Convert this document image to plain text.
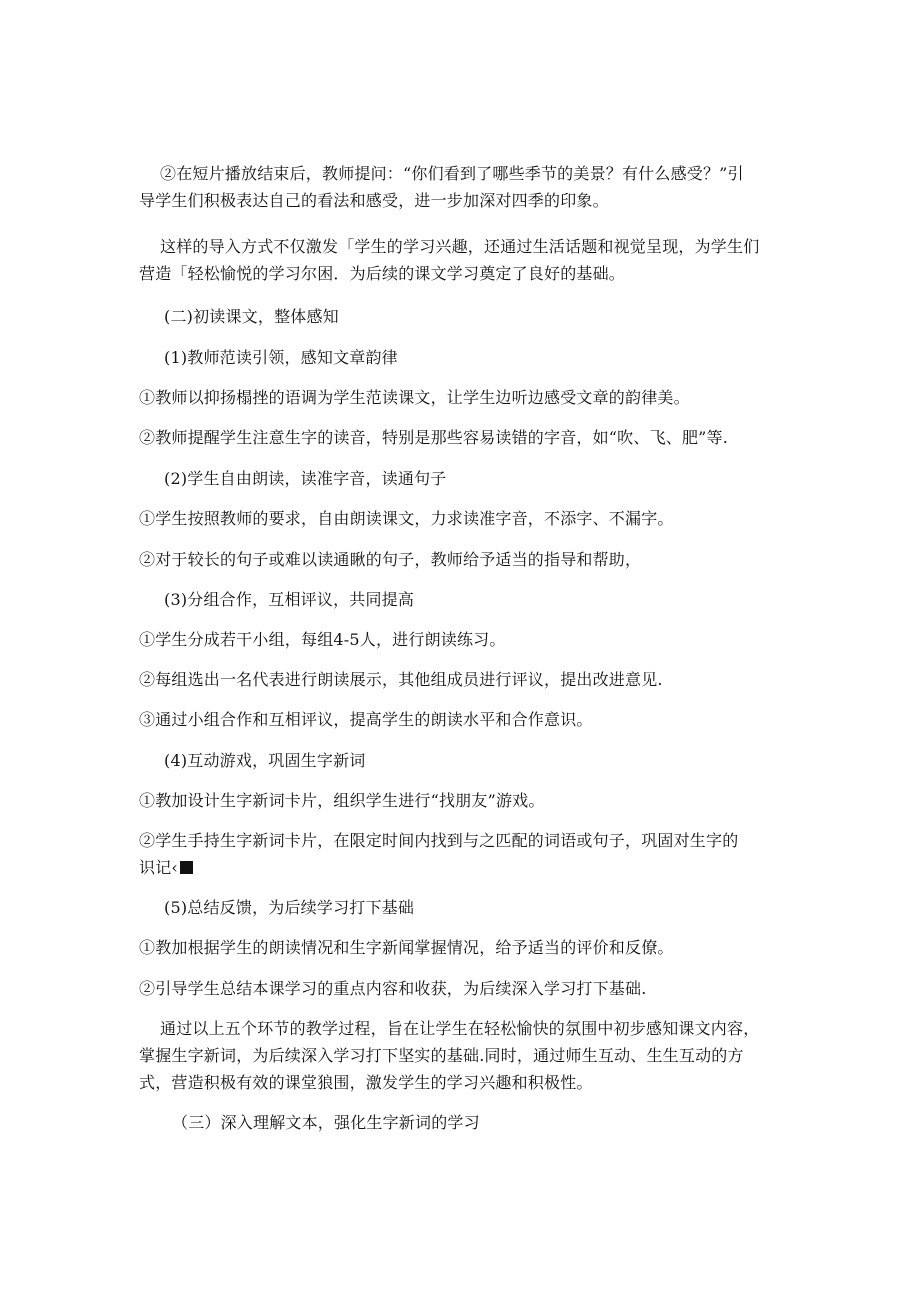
②在短片播放结束后，教师提问：“你们看到了哪些季节的美景？有什么感受？”引
导学生们积极表达自己的看法和感受，进一步加深对四季的印象。
这样的导入方式不仅激发「学生的学习兴趣，还通过生活话题和视觉呈现，为学生们
营造「轻松愉悦的学习尔困．为后续的课文学习奠定了良好的基础。
(二)初读课文，整体感知
(1)教师范读引领，感知文章韵律
①教师以抑扬榻挫的语调为学生范读课文，让学生边听边感受文章的韵律美。
②教师提醒学生注意生字的读音，特别是那些容易读错的字音，如“吹、飞、肥”等.
(2)学生自由朗读，读准字音，读通句子
①学生按照教师的要求，自由朗读课文，力求读准字音，不添字、不漏字。
②对于较长的句子或难以读通瞅的句子，教师给予适当的指导和帮助，
(3)分组合作，互相评议，共同提高
①学生分成若干小组，每组4-5人，进行朗读练习。
②每组选出一名代表进行朗读展示，其他组成员进行评议，提出改进意见.
③通过小组合作和互相评议，提高学生的朗读水平和合作意识。
(4)互动游戏，巩固生字新词
①教加设计生字新词卡片，组织学生进行“找朋友”游戏。
②学生手持生字新词卡片，在限定时间内找到与之匹配的词语或句子，巩固对生字的
识记‹
(5)总结反馈，为后续学习打下基础
①教加根据学生的朗读情况和生字新闻掌握情况，给予适当的评价和反僚。
②引导学生总结本课学习的重点内容和收获，为后续深入学习打下基础.
通过以上五个环节的教学过程，旨在让学生在轻松愉快的氛围中初步感知课文内容，
掌握生字新词，为后续深入学习打下坚实的基础.同时，通过师生互动、生生互动的方
式，营造积极有效的课堂狼围，激发学生的学习兴趣和积极性。
（三）深入理解文本，强化生字新词的学习
